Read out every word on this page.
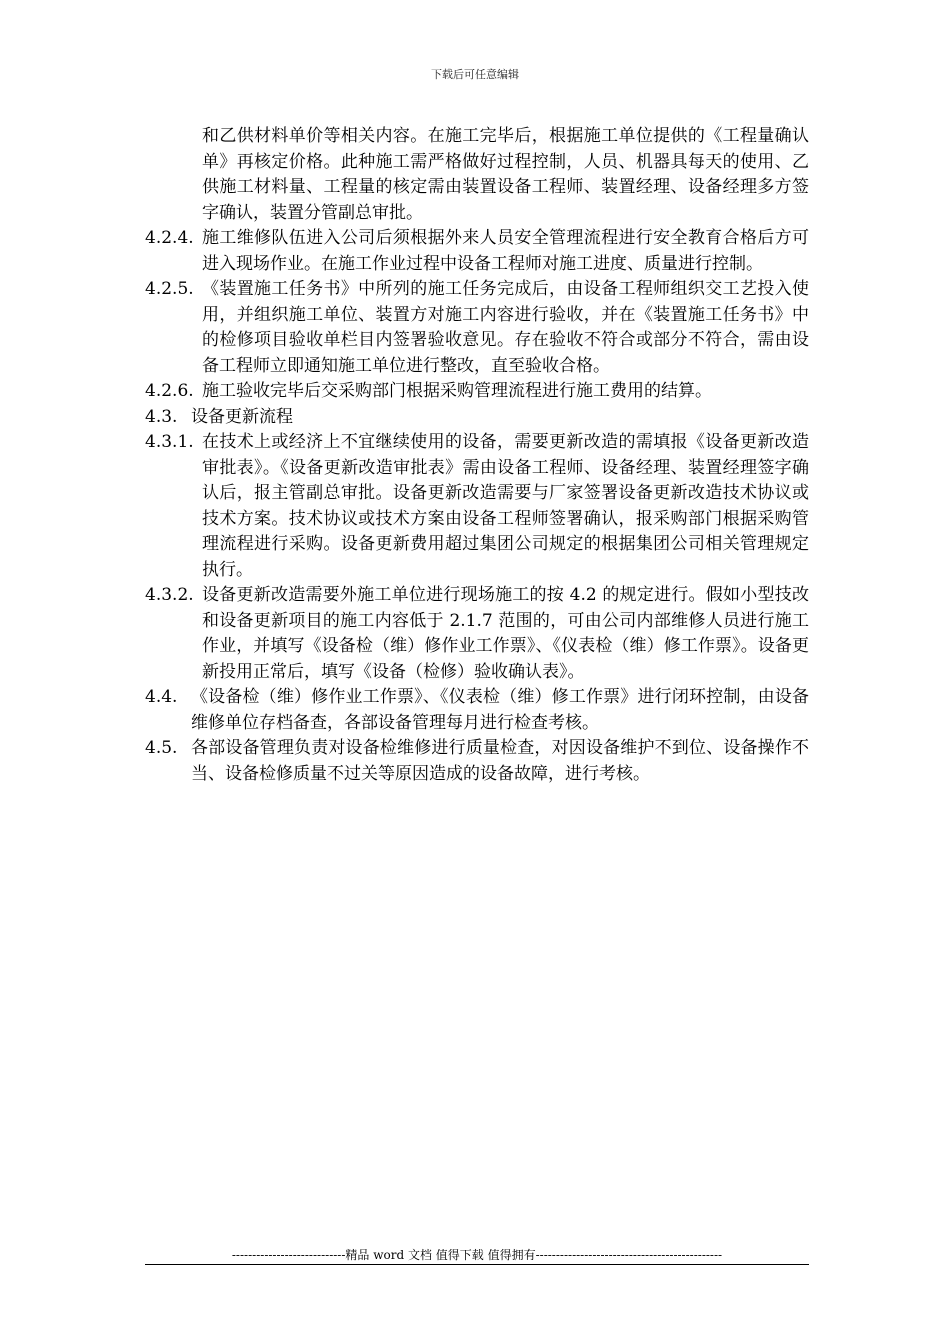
下载后可任意编辑
和乙供材料单价等相关内容。在施工完毕后，根据施工单位提供的《工程量确认单》再核定价格。此种施工需严格做好过程控制，人员、机器具每天的使用、乙供施工材料量、工程量的核定需由装置设备工程师、装置经理、设备经理多方签字确认，装置分管副总审批。
4.2.4. 施工维修队伍进入公司后须根据外来人员安全管理流程进行安全教育合格后方可进入现场作业。在施工作业过程中设备工程师对施工进度、质量进行控制。
4.2.5. 《装置施工任务书》中所列的施工任务完成后，由设备工程师组织交工艺投入使用，并组织施工单位、装置方对施工内容进行验收，并在《装置施工任务书》中的检修项目验收单栏目内签署验收意见。存在验收不符合或部分不符合，需由设备工程师立即通知施工单位进行整改，直至验收合格。
4.2.6. 施工验收完毕后交采购部门根据采购管理流程进行施工费用的结算。
4.3. 设备更新流程
4.3.1. 在技术上或经济上不宜继续使用的设备，需要更新改造的需填报《设备更新改造审批表》。《设备更新改造审批表》需由设备工程师、设备经理、装置经理签字确认后，报主管副总审批。设备更新改造需要与厂家签署设备更新改造技术协议或技术方案。技术协议或技术方案由设备工程师签署确认，报采购部门根据采购管理流程进行采购。设备更新费用超过集团公司规定的根据集团公司相关管理规定执行。
4.3.2. 设备更新改造需要外施工单位进行现场施工的按 4.2 的规定进行。假如小型技改和设备更新项目的施工内容低于 2.1.7 范围的，可由公司内部维修人员进行施工作业，并填写《设备检（维）修作业工作票》、《仪表检（维）修工作票》。设备更新投用正常后，填写《设备（检修）验收确认表》。
4.4. 《设备检（维）修作业工作票》、《仪表检（维）修工作票》进行闭环控制，由设备维修单位存档备查，各部设备管理每月进行检查考核。
4.5. 各部设备管理负责对设备检维修进行质量检查，对因设备维护不到位、设备操作不当、设备检修质量不过关等原因造成的设备故障，进行考核。
----------------------------精品 word 文档 值得下载 值得拥有----------------------------------------------
